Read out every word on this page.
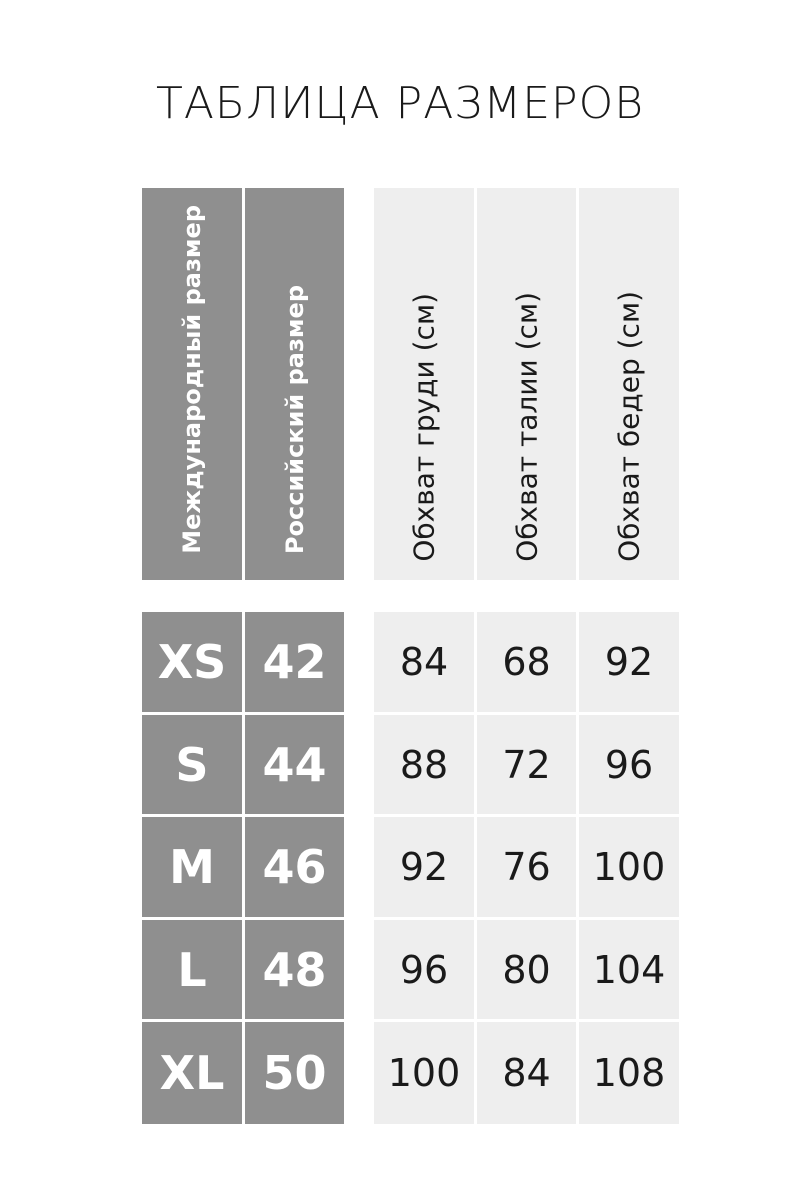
ТАБЛИЦА РАЗМЕРОВ
Международный размер	Российский размер	Обхват груди (см) Обхват талии (см) Обхват бедер (см)
XS 42	84	68	92
S	44	88	72	96
M	46	92	76	100
L	48	96	80	104
XL 50	100	84	108
